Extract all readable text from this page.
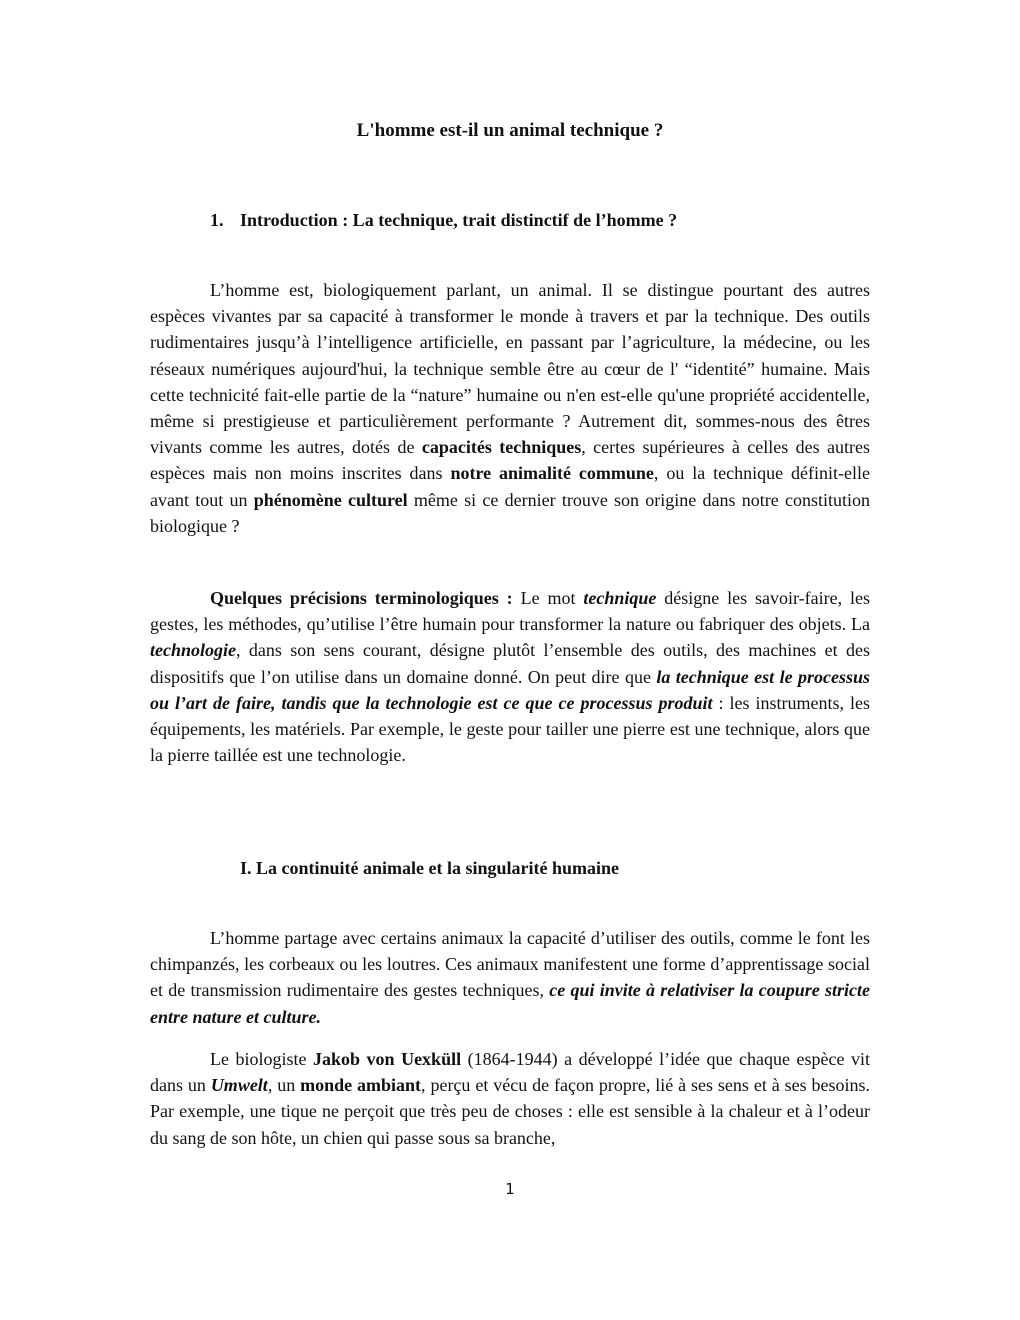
L'homme est-il un animal technique ?
1. Introduction : La technique, trait distinctif de l’homme ?

L’homme est, biologiquement parlant, un animal. Il se distingue pourtant des autres espèces vivantes par sa capacité à transformer le monde à travers et par la technique. Des outils rudimentaires jusqu’à l’intelligence artificielle, en passant par l’agriculture, la médecine, ou les réseaux numériques aujourd'hui, la technique semble être au cœur de l' “identité” humaine. Mais cette technicité fait-elle partie de la “nature” humaine ou n'en est-elle qu'une propriété accidentelle, même si prestigieuse et particulièrement performante ? Autrement dit, sommes-nous des êtres vivants comme les autres, dotés de capacités techniques, certes supérieures à celles des autres espèces mais non moins inscrites dans notre animalité commune, ou la technique définit-elle avant tout un phénomène culturel même si ce dernier trouve son origine dans notre constitution biologique ?

Quelques précisions terminologiques : Le mot technique désigne les savoir-faire, les gestes, les méthodes, qu’utilise l’être humain pour transformer la nature ou fabriquer des objets. La technologie, dans son sens courant, désigne plutôt l’ensemble des outils, des machines et des dispositifs que l’on utilise dans un domaine donné. On peut dire que la technique est le processus ou l’art de faire, tandis que la technologie est ce que ce processus produit : les instruments, les équipements, les matériels. Par exemple, le geste pour tailler une pierre est une technique, alors que la pierre taillée est une technologie.

I. La continuité animale et la singularité humaine

L’homme partage avec certains animaux la capacité d’utiliser des outils, comme le font les chimpanzés, les corbeaux ou les loutres. Ces animaux manifestent une forme d’apprentissage social et de transmission rudimentaire des gestes techniques, ce qui invite à relativiser la coupure stricte entre nature et culture.

Le biologiste Jakob von Uexküll (1864-1944) a développé l’idée que chaque espèce vit dans un Umwelt, un monde ambiant, perçu et vécu de façon propre, lié à ses sens et à ses besoins. Par exemple, une tique ne perçoit que très peu de choses : elle est sensible à la chaleur et à l’odeur du sang de son hôte, un chien qui passe sous sa branche,

1
